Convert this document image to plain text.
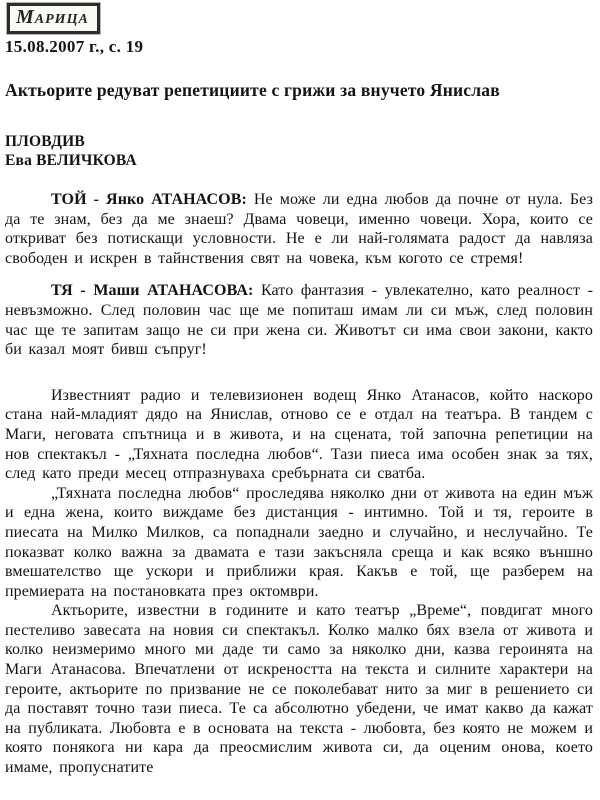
Марица
15.08.2007 г., с. 19
Актьорите редуват репетициите с грижи за внучето Янислав
ПЛОВДИВ
Ева ВЕЛИЧКОВА

ТОЙ - Янко АТАНАСОВ: Не може ли една любов да почне от нула. Без да те знам, без да ме знаеш? Двама човеци, именно човеци. Хора, които се откриват без потискащи условности. Не е ли най-голямата радост да навляза свободен и искрен в тайнствения свят на човека, към когото се стремя!

ТЯ - Маши АТАНАСОВА: Като фантазия - увлекателно, като реалност - невъзможно. След половин час ще ме попиташ имам ли си мъж, след половин час ще те запитам защо не си при жена си. Животът си има свои закони, както би казал моят бивш съпруг!

Известният радио и телевизионен водещ Янко Атанасов, който наскоро стана най-младият дядо на Янислав, отново се е отдал на театъра. В тандем с Маги, неговата спътница и в живота, и на сцената, той започна репетиции на нов спектакъл - „Тяхната последна любов“. Тази пиеса има особен знак за тях, след като преди месец отпразнуваха сребърната си сватба.

„Тяхната последна любов“ проследява няколко дни от живота на един мъж и една жена, които виждаме без дистанция - интимно. Той и тя, героите в пиесата на Милко Милков, са попаднали заедно и случайно, и неслучайно. Те показват колко важна за двамата е тази закъсняла среща и как всяко външно вмешателство ще ускори и приближи края. Какъв е той, ще разберем на премиерата на постановката през октомври.

Актьорите, известни в годините и като театър „Време“, повдигат много пестеливо завесата на новия си спектакъл. Колко малко бях взела от живота и колко неизмеримо много ми даде ти само за няколко дни, казва героинята на Маги Атанасова. Впечатлени от искреността на текста и силните характери на героите, актьорите по призвание не се поколебават нито за миг в решението си да поставят точно тази пиеса. Те са абсолютно убедени, че имат какво да кажат на публиката. Любовта е в основата на текста - любовта, без която не можем и която понякога ни кара да преосмислим живота си, да оценим онова, което имаме, пропуснатите
